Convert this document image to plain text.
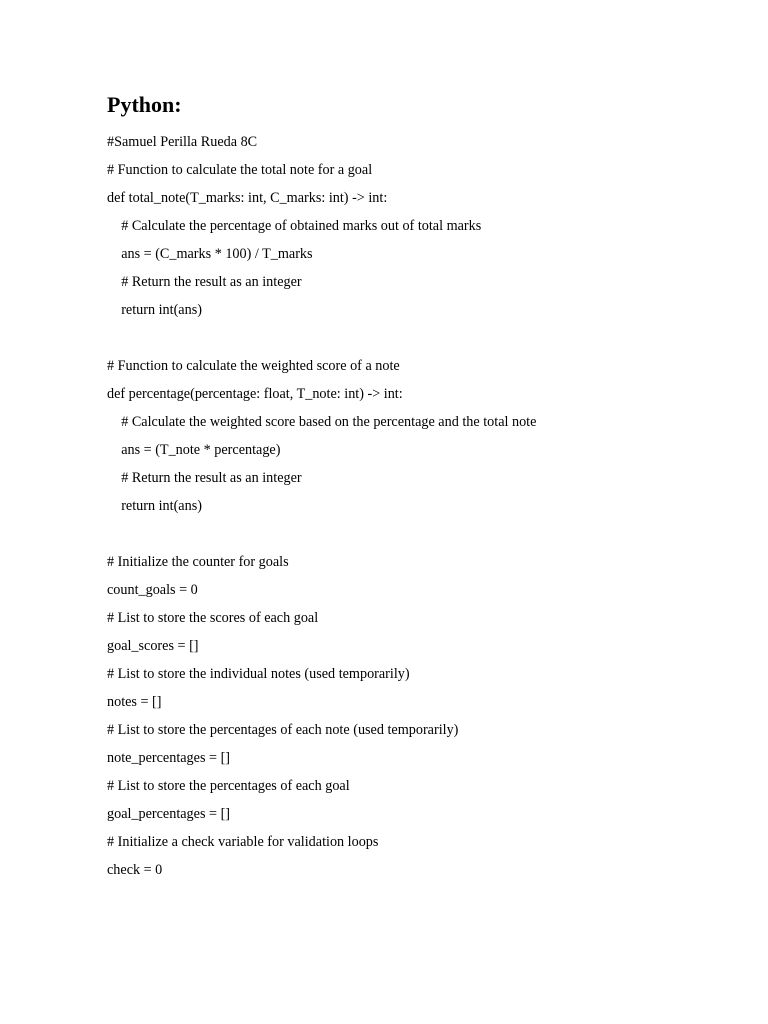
Python:
#Samuel Perilla Rueda 8C
# Function to calculate the total note for a goal
def total_note(T_marks: int, C_marks: int) -> int:
# Calculate the percentage of obtained marks out of total marks
ans = (C_marks * 100) / T_marks
# Return the result as an integer
return int(ans)
# Function to calculate the weighted score of a note
def percentage(percentage: float, T_note: int) -> int:
# Calculate the weighted score based on the percentage and the total note
ans = (T_note * percentage)
# Return the result as an integer
return int(ans)
# Initialize the counter for goals
count_goals = 0
# List to store the scores of each goal
goal_scores = []
# List to store the individual notes (used temporarily)
notes = []
# List to store the percentages of each note (used temporarily)
note_percentages = []
# List to store the percentages of each goal
goal_percentages = []
# Initialize a check variable for validation loops
check = 0
